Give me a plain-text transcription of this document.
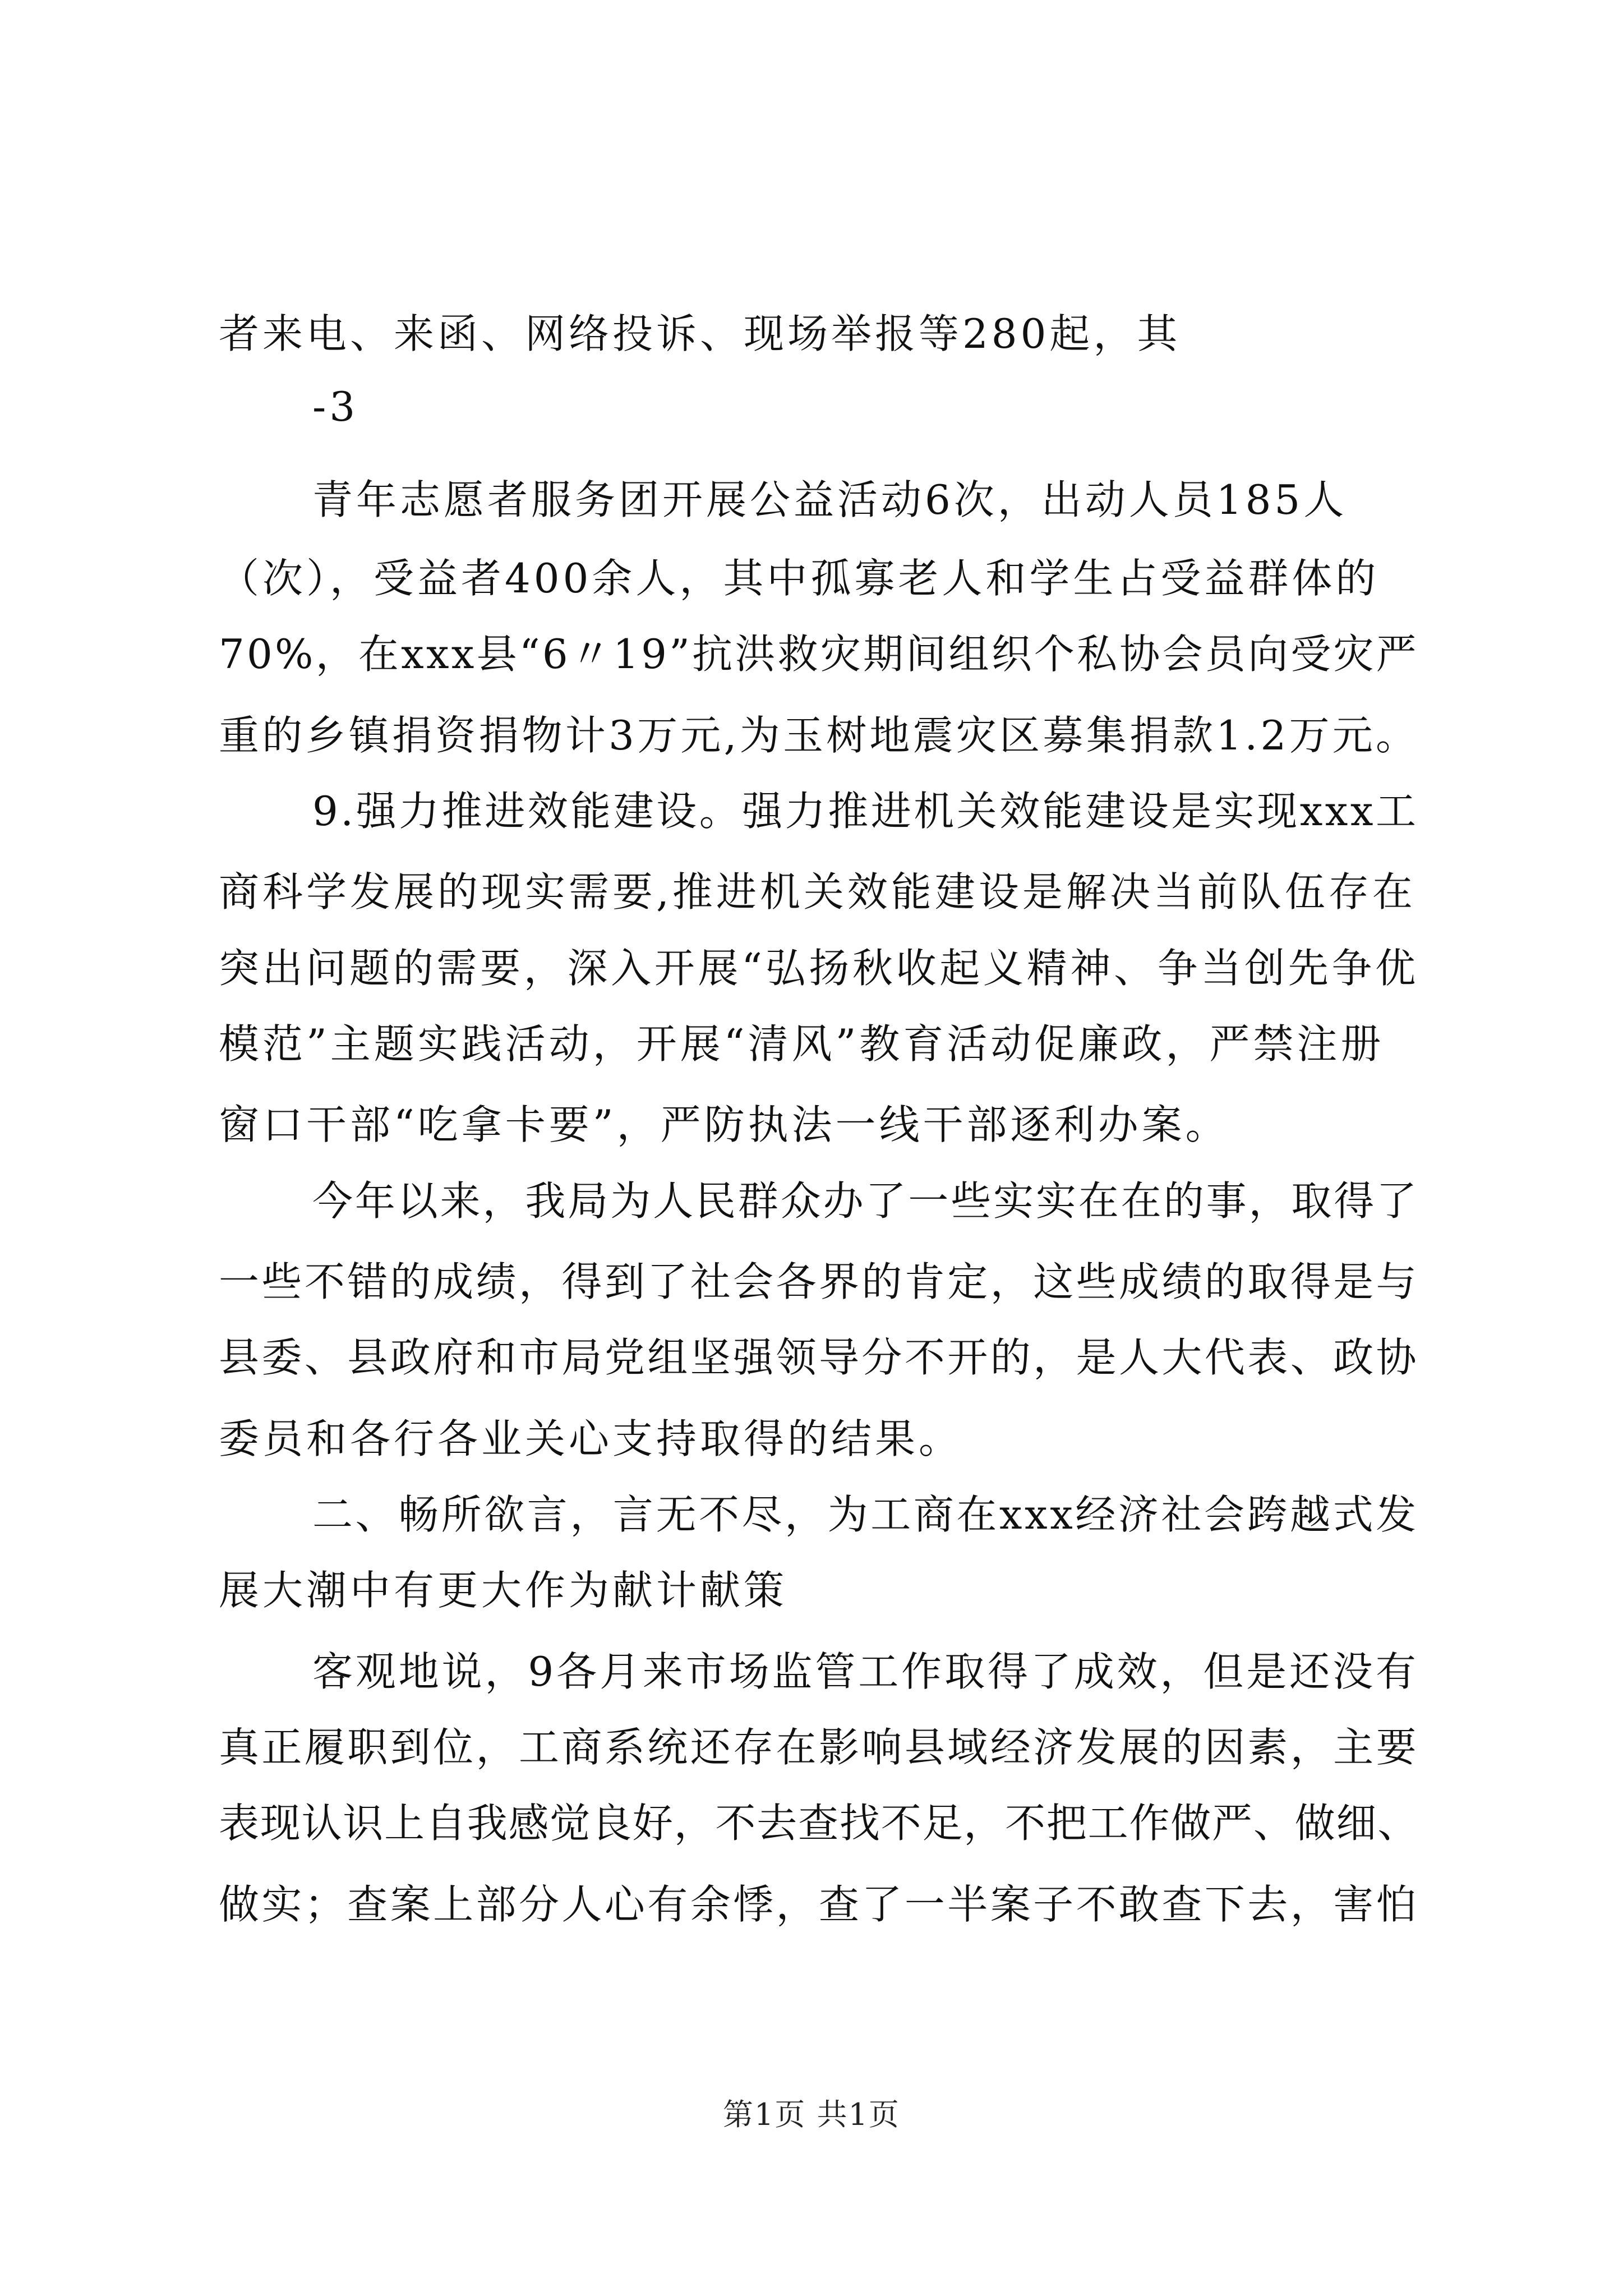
者来电、来函、网络投诉、现场举报等280起，其
-3
青年志愿者服务团开展公益活动6次，出动人员185人
（次），受益者400余人，其中孤寡老人和学生占受益群体的
70%，在xxx县“6〃19”抗洪救灾期间组织个私协会员向受灾严
重的乡镇捐资捐物计3万元,为玉树地震灾区募集捐款1.2万元。
9.强力推进效能建设。强力推进机关效能建设是实现xxx工
商科学发展的现实需要,推进机关效能建设是解决当前队伍存在
突出问题的需要，深入开展“弘扬秋收起义精神、争当创先争优
模范”主题实践活动，开展“清风”教育活动促廉政，严禁注册
窗口干部“吃拿卡要”，严防执法一线干部逐利办案。
今年以来，我局为人民群众办了一些实实在在的事，取得了
一些不错的成绩，得到了社会各界的肯定，这些成绩的取得是与
县委、县政府和市局党组坚强领导分不开的，是人大代表、政协
委员和各行各业关心支持取得的结果。
二、畅所欲言，言无不尽，为工商在xxx经济社会跨越式发
展大潮中有更大作为献计献策
客观地说，9各月来市场监管工作取得了成效，但是还没有
真正履职到位，工商系统还存在影响县域经济发展的因素，主要
表现认识上自我感觉良好，不去查找不足，不把工作做严、做细、
做实；查案上部分人心有余悸，查了一半案子不敢查下去，害怕
第1页 共1页
